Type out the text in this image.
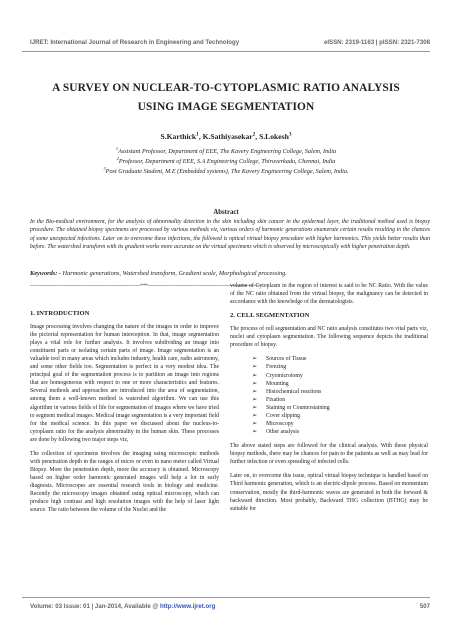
IJRET: International Journal of Research in Engineering and Technology	eISSN: 2319-1163 | pISSN: 2321-7308
A SURVEY ON NUCLEAR-TO-CYTOPLASMIC RATIO ANALYSIS
USING IMAGE SEGMENTATION
S.Karthick$^1$, K.Sathiyasekar$^2$, S.Lokesh$^3$
$^1$Assistant Professor, Department of EEE, The Kavery Engineering College, Salem, India
$^2$Professor, Department of EEE, S.A Engineering College, Thiruverkadu, Chennai, India
$^3$Post Graduate Student, M.E (Embedded systems), The Kavery Engineering College, Salem, India.
Abstract
In the Bio-medical environment, for the analysis of abnormality detection in the skin including skin cancer in the epidermal layer, the traditional method used is biopsy procedure. The obtained biopsy specimens are processed by various methods viz, various orders of harmonic generations enumerate certain results resulting in the chances of some unexpected infections. Later on to overcome these infections, the followed is optical virtual biopsy procedure with higher harmonics. This yields better results than before. The watershed transform with its gradient works more accurate on the virtual specimens which is observed by microscopically with higher penetration depth.
Keywords: - Harmonic generations, Watershed transform, Gradient scale, Morphological processing.
------------------------------------------------------------------------***--------------------------------------------------------------------------
1. INTRODUCTION

Image processing involves changing the nature of the images in order to improve the pictorial representation for human interception. In that, image segmentation plays a vital role for further analysis. It involves subdividing an image into constituent parts or isolating certain parts of image. Image segmentation is an valuable tool in many areas which includes industry, health care, radio astronomy, and some other fields too. Segmentation is perfect in a very modest idea. The principal goal of the segmentation process is to partition an image into regions that are homogeneous with respect to one or more characteristics and features. Several methods and approaches are introduced into the area of segmentation, among them a well-known method is watershed algorithm. We can use this algorithm in various fields of life for segmentation of images where we have tried to segment medical images. Medical image segmentation is a very important field for the medical science. In this paper we discussed about the nucleus-to-cytoplasm ratio for the analysis abnormality in the human skin. These processes are done by following two major steps viz,

The collection of specimens involves the imaging using microscopic methods with penetration depth in the ranges of micro or even in nano meter called Virtual Biopsy. More the penetration depth, more the accuracy is obtained. Microscopy based on higher order harmonic generated images will help a lot in early diagnosis. Microscopes are essential research tools in biology and medicine. Recently the microscopy images obtained using optical microscopy, which can produce high contrast and high resolution images with the help of laser light source. The ratio between the volume of the Nuclei and the

volume of Cytoplasm in the region of interest is said to be NC Ratio. With the value of the NC ratio obtained from the virtual biopsy, the malignancy can be detected in accordance with the knowledge of the dermatologists.

2. CELL SEGMENTATION

The process of cell segmentation and NC ratio analysis constitutes two vital parts viz, nuclei and cytoplasm segmentation. The following sequence depicts the traditional procedure of biopsy.

➢ Sources of Tissue
➢ Freezing
➢ Cryomicrotomy
➢ Mounting
➢ Histochemical reactions
➢ Fixation
➢ Staining or Counterstaining
➢ Cover slipping
➢ Microscopy
➢ Other analysis

The above stated steps are followed for the clinical analysis. With these physical biopsy methods, there may be chances for pain to the patients as well as may lead for further infection or even spreading of infected cells.

Later on, to overcome this issue, optical virtual biopsy technique is handled based on Third harmonic generation, which is an electric-dipole process. Based on momentum conservation, mostly the third-harmonic waves are generated in both the forward & backward direction. Most probably, Backward THG collection (BTHG) may be suitable for

Volume: 03 Issue: 01 | Jan-2014, Available @ http://www.ijret.org	507
